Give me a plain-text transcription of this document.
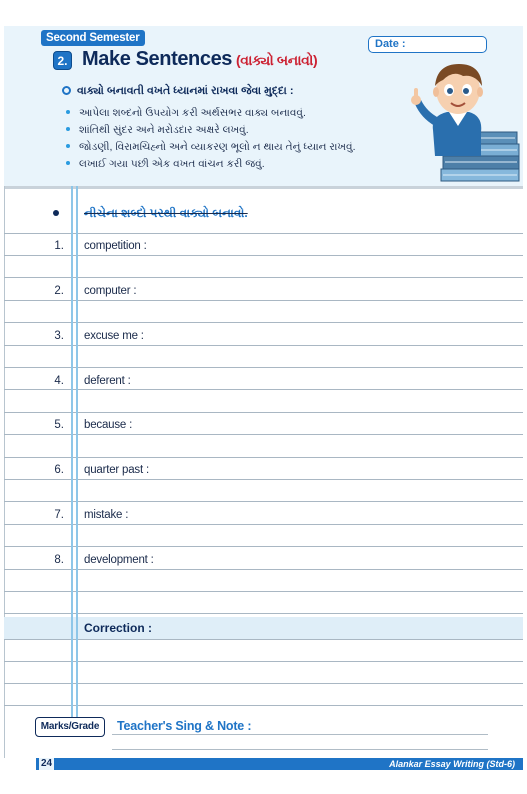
Second Semester	Date :
2. Make Sentences (વાક્યો બનાવો)
વાક્યો બનાવતી વખતે ધ્યાનમાં રાખવા જેવા મુદ્દા :
આપેલા શબ્દનો ઉપયોગ કરી અર્થસભર વાક્ય બનાવવું.
શાંતિથી સુંદર અને મરોડદાર અક્ષરે લખવું.
જોડણી, વિરામચિહ્નો અને વ્યાકરણ ભૂલો ન થાય તેનું ધ્યાન રાખવું.
લખાઈ ગયા પછી એક વખત વાંચન કરી જવું.
નીચેના શબ્દો પરથી વાક્યો બનાવો.
1. competition :
2. computer :
3. excuse me :
4. deferent :
5. because :
6. quarter past :
7. mistake :
8. development :
Correction :
Marks/Grade	Teacher's Sing & Note :
Alankar Essay Writing (Std-6)
24
